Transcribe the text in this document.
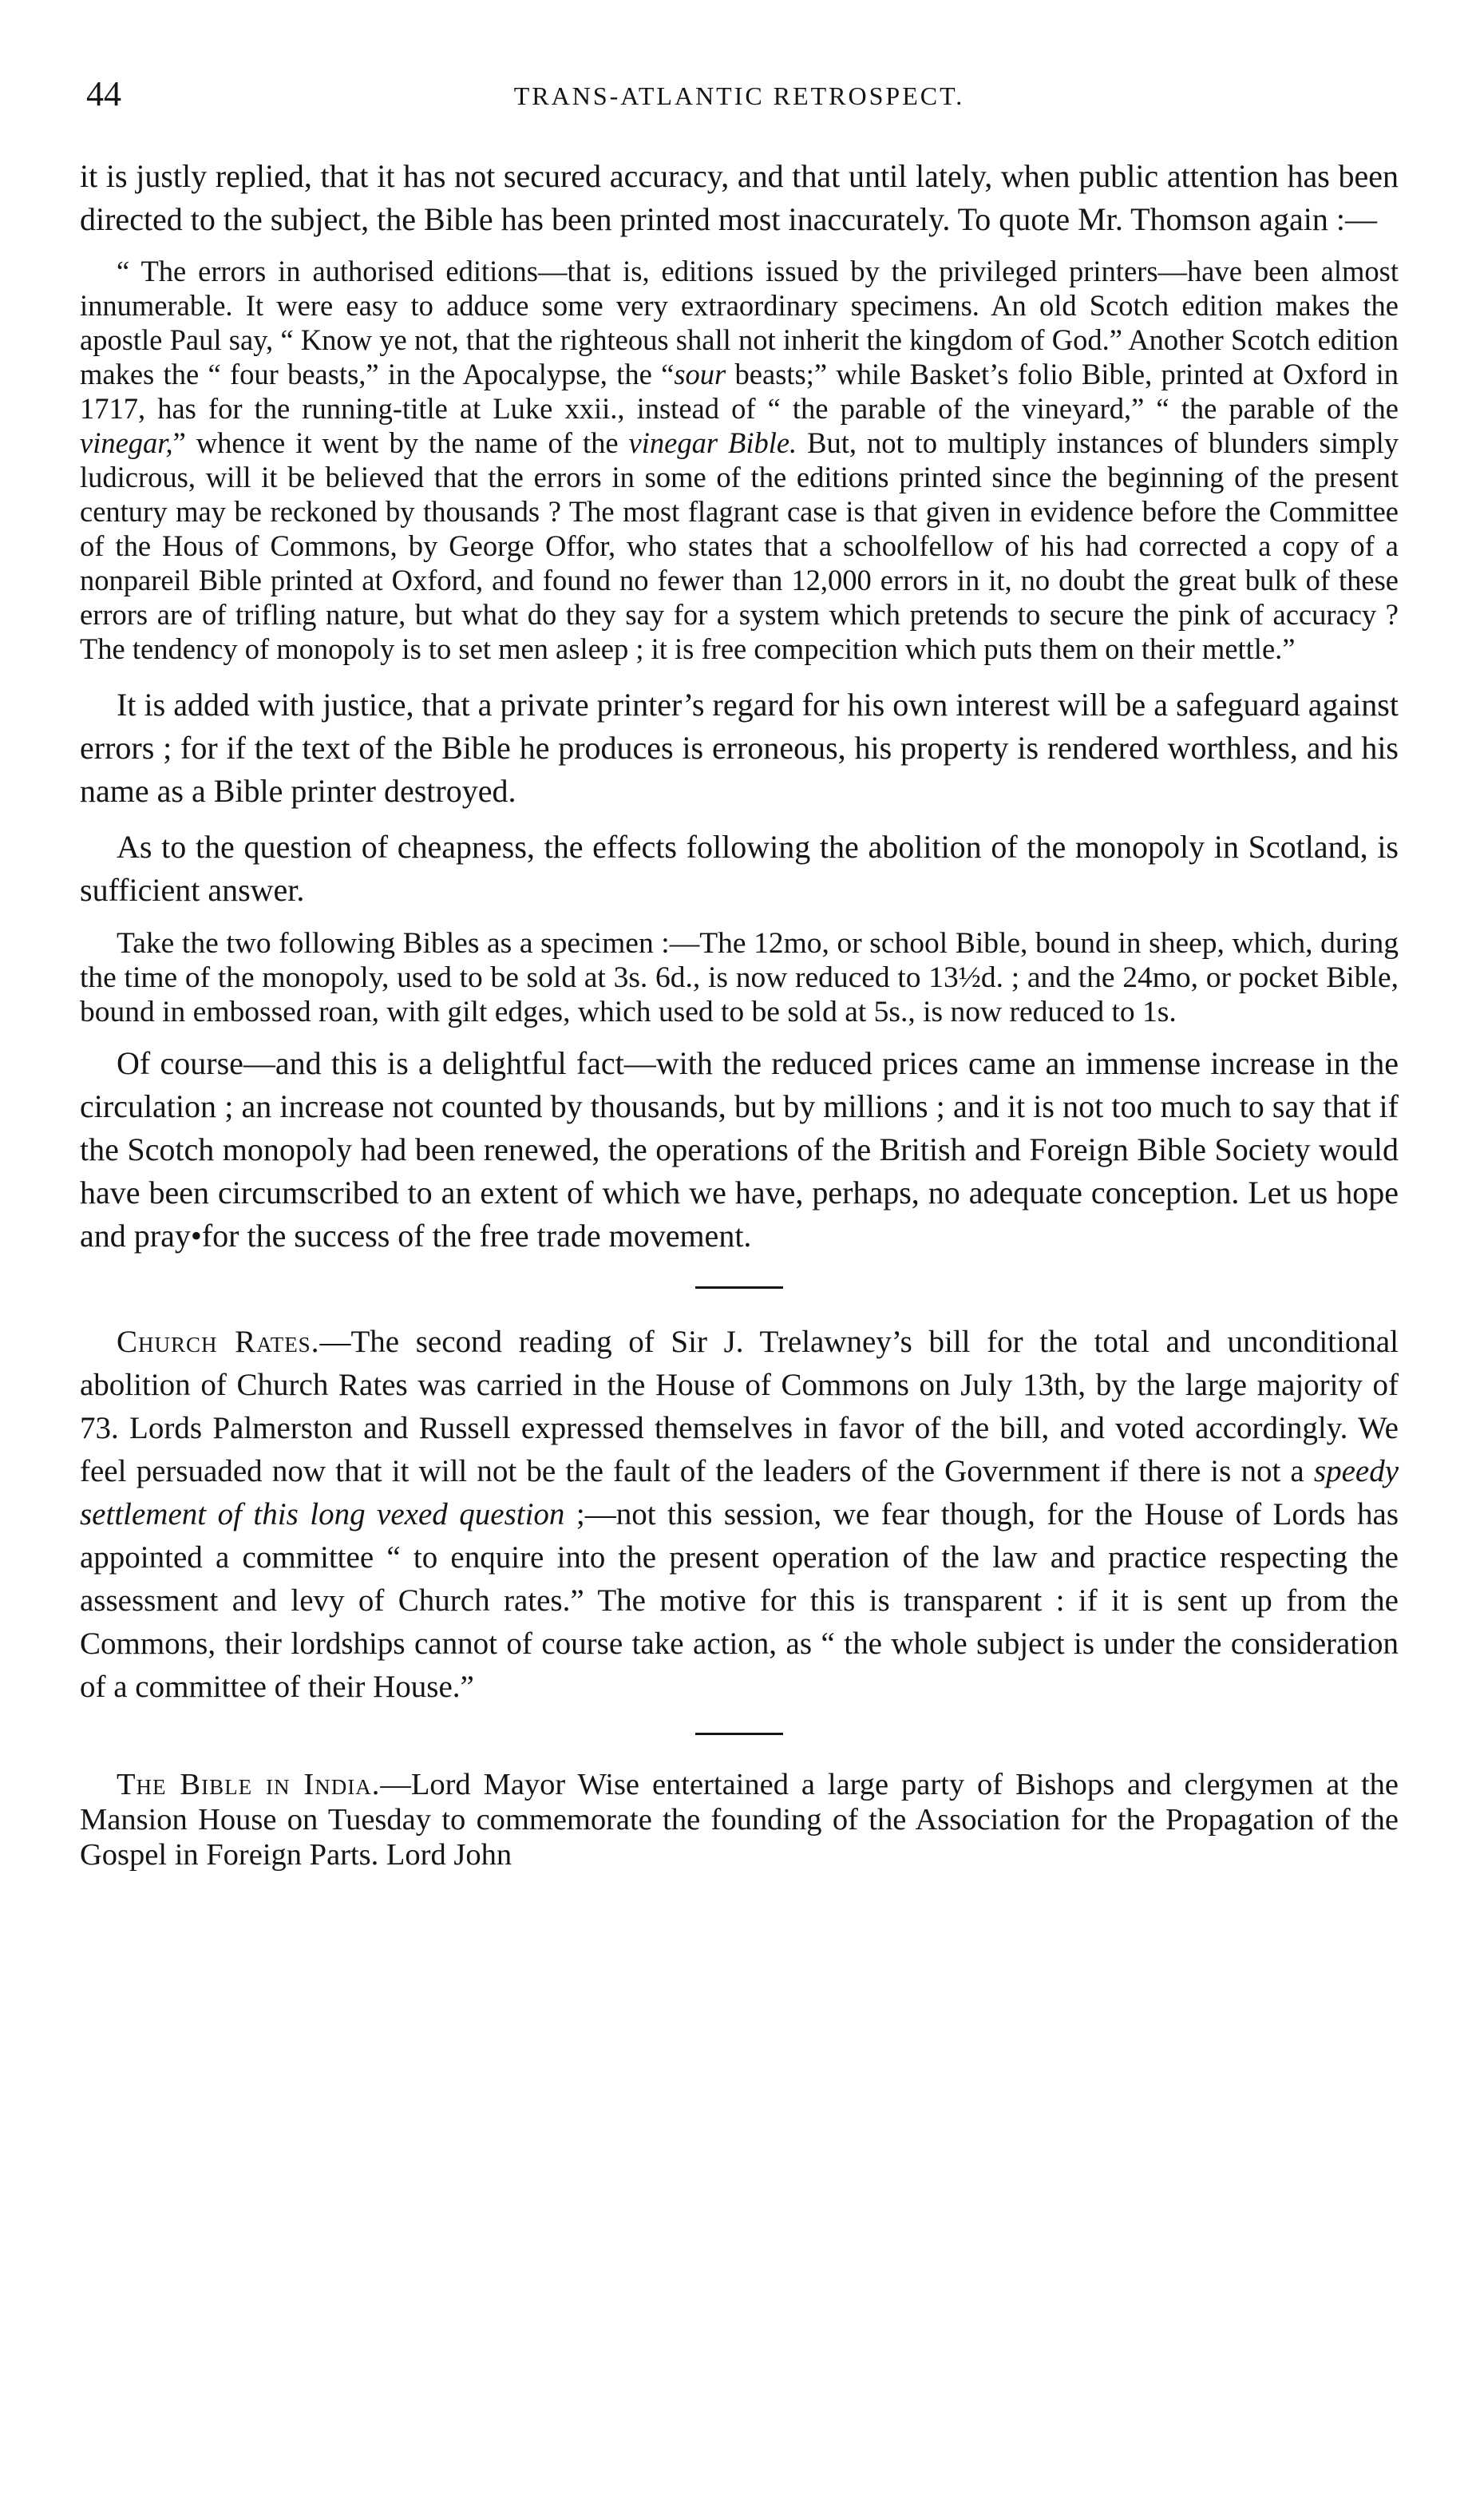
44	TRANS-ATLANTIC RETROSPECT.

it is justly replied, that it has not secured accuracy, and that until lately, when public attention has been directed to the subject, the Bible has been printed most inaccurately. To quote Mr. Thomson again :—

“ The errors in authorised editions—that is, editions issued by the privileged printers—have been almost innumerable. It were easy to adduce some very extraordinary specimens. An old Scotch edition makes the apostle Paul say, “ Know ye not, that the righteous shall not inherit the kingdom of God.” Another Scotch edition makes the “ four beasts,” in the Apocalypse, the “sour beasts;” while Basket’s folio Bible, printed at Oxford in 1717, has for the running-title at Luke xxii., instead of “ the parable of the vineyard,” “ the parable of the vinegar,” whence it went by the name of the vinegar Bible. But, not to multiply instances of blunders simply ludicrous, will it be believed that the errors in some of the editions printed since the beginning of the present century may be reckoned by thousands ? The most flagrant case is that given in evidence before the Committee of the Hous of Commons, by George Offor, who states that a schoolfellow of his had corrected a copy of a nonpareil Bible printed at Oxford, and found no fewer than 12,000 errors in it, no doubt the great bulk of these errors are of trifling nature, but what do they say for a system which pretends to secure the pink of accuracy ? The tendency of monopoly is to set men asleep ; it is free compecition which puts them on their mettle.”

It is added with justice, that a private printer’s regard for his own interest will be a safeguard against errors ; for if the text of the Bible he produces is erroneous, his property is rendered worthless, and his name as a Bible printer destroyed.

As to the question of cheapness, the effects following the abolition of the monopoly in Scotland, is sufficient answer.

Take the two following Bibles as a specimen :—The 12mo, or school Bible, bound in sheep, which, during the time of the monopoly, used to be sold at 3s. 6d., is now reduced to 13½d. ; and the 24mo, or pocket Bible, bound in embossed roan, with gilt edges, which used to be sold at 5s., is now reduced to 1s.

Of course—and this is a delightful fact—with the reduced prices came an immense increase in the circulation ; an increase not counted by thousands, but by millions ; and it is not too much to say that if the Scotch monopoly had been renewed, the operations of the British and Foreign Bible Society would have been circumscribed to an extent of which we have, perhaps, no adequate conception. Let us hope and pray•for the success of the free trade movement.

Church Rates.—The second reading of Sir J. Trelawney’s bill for the total and unconditional abolition of Church Rates was carried in the House of Commons on July 13th, by the large majority of 73. Lords Palmerston and Russell expressed themselves in favor of the bill, and voted accordingly. We feel persuaded now that it will not be the fault of the leaders of the Government if there is not a speedy settlement of this long vexed question ;—not this session, we fear though, for the House of Lords has appointed a committee “ to enquire into the present operation of the law and practice respecting the assessment and levy of Church rates.” The motive for this is transparent : if it is sent up from the Commons, their lordships cannot of course take action, as “ the whole subject is under the consideration of a committee of their House.”

The Bible in India.—Lord Mayor Wise entertained a large party of Bishops and clergymen at the Mansion House on Tuesday to commemorate the founding of the Association for the Propagation of the Gospel in Foreign Parts. Lord John
